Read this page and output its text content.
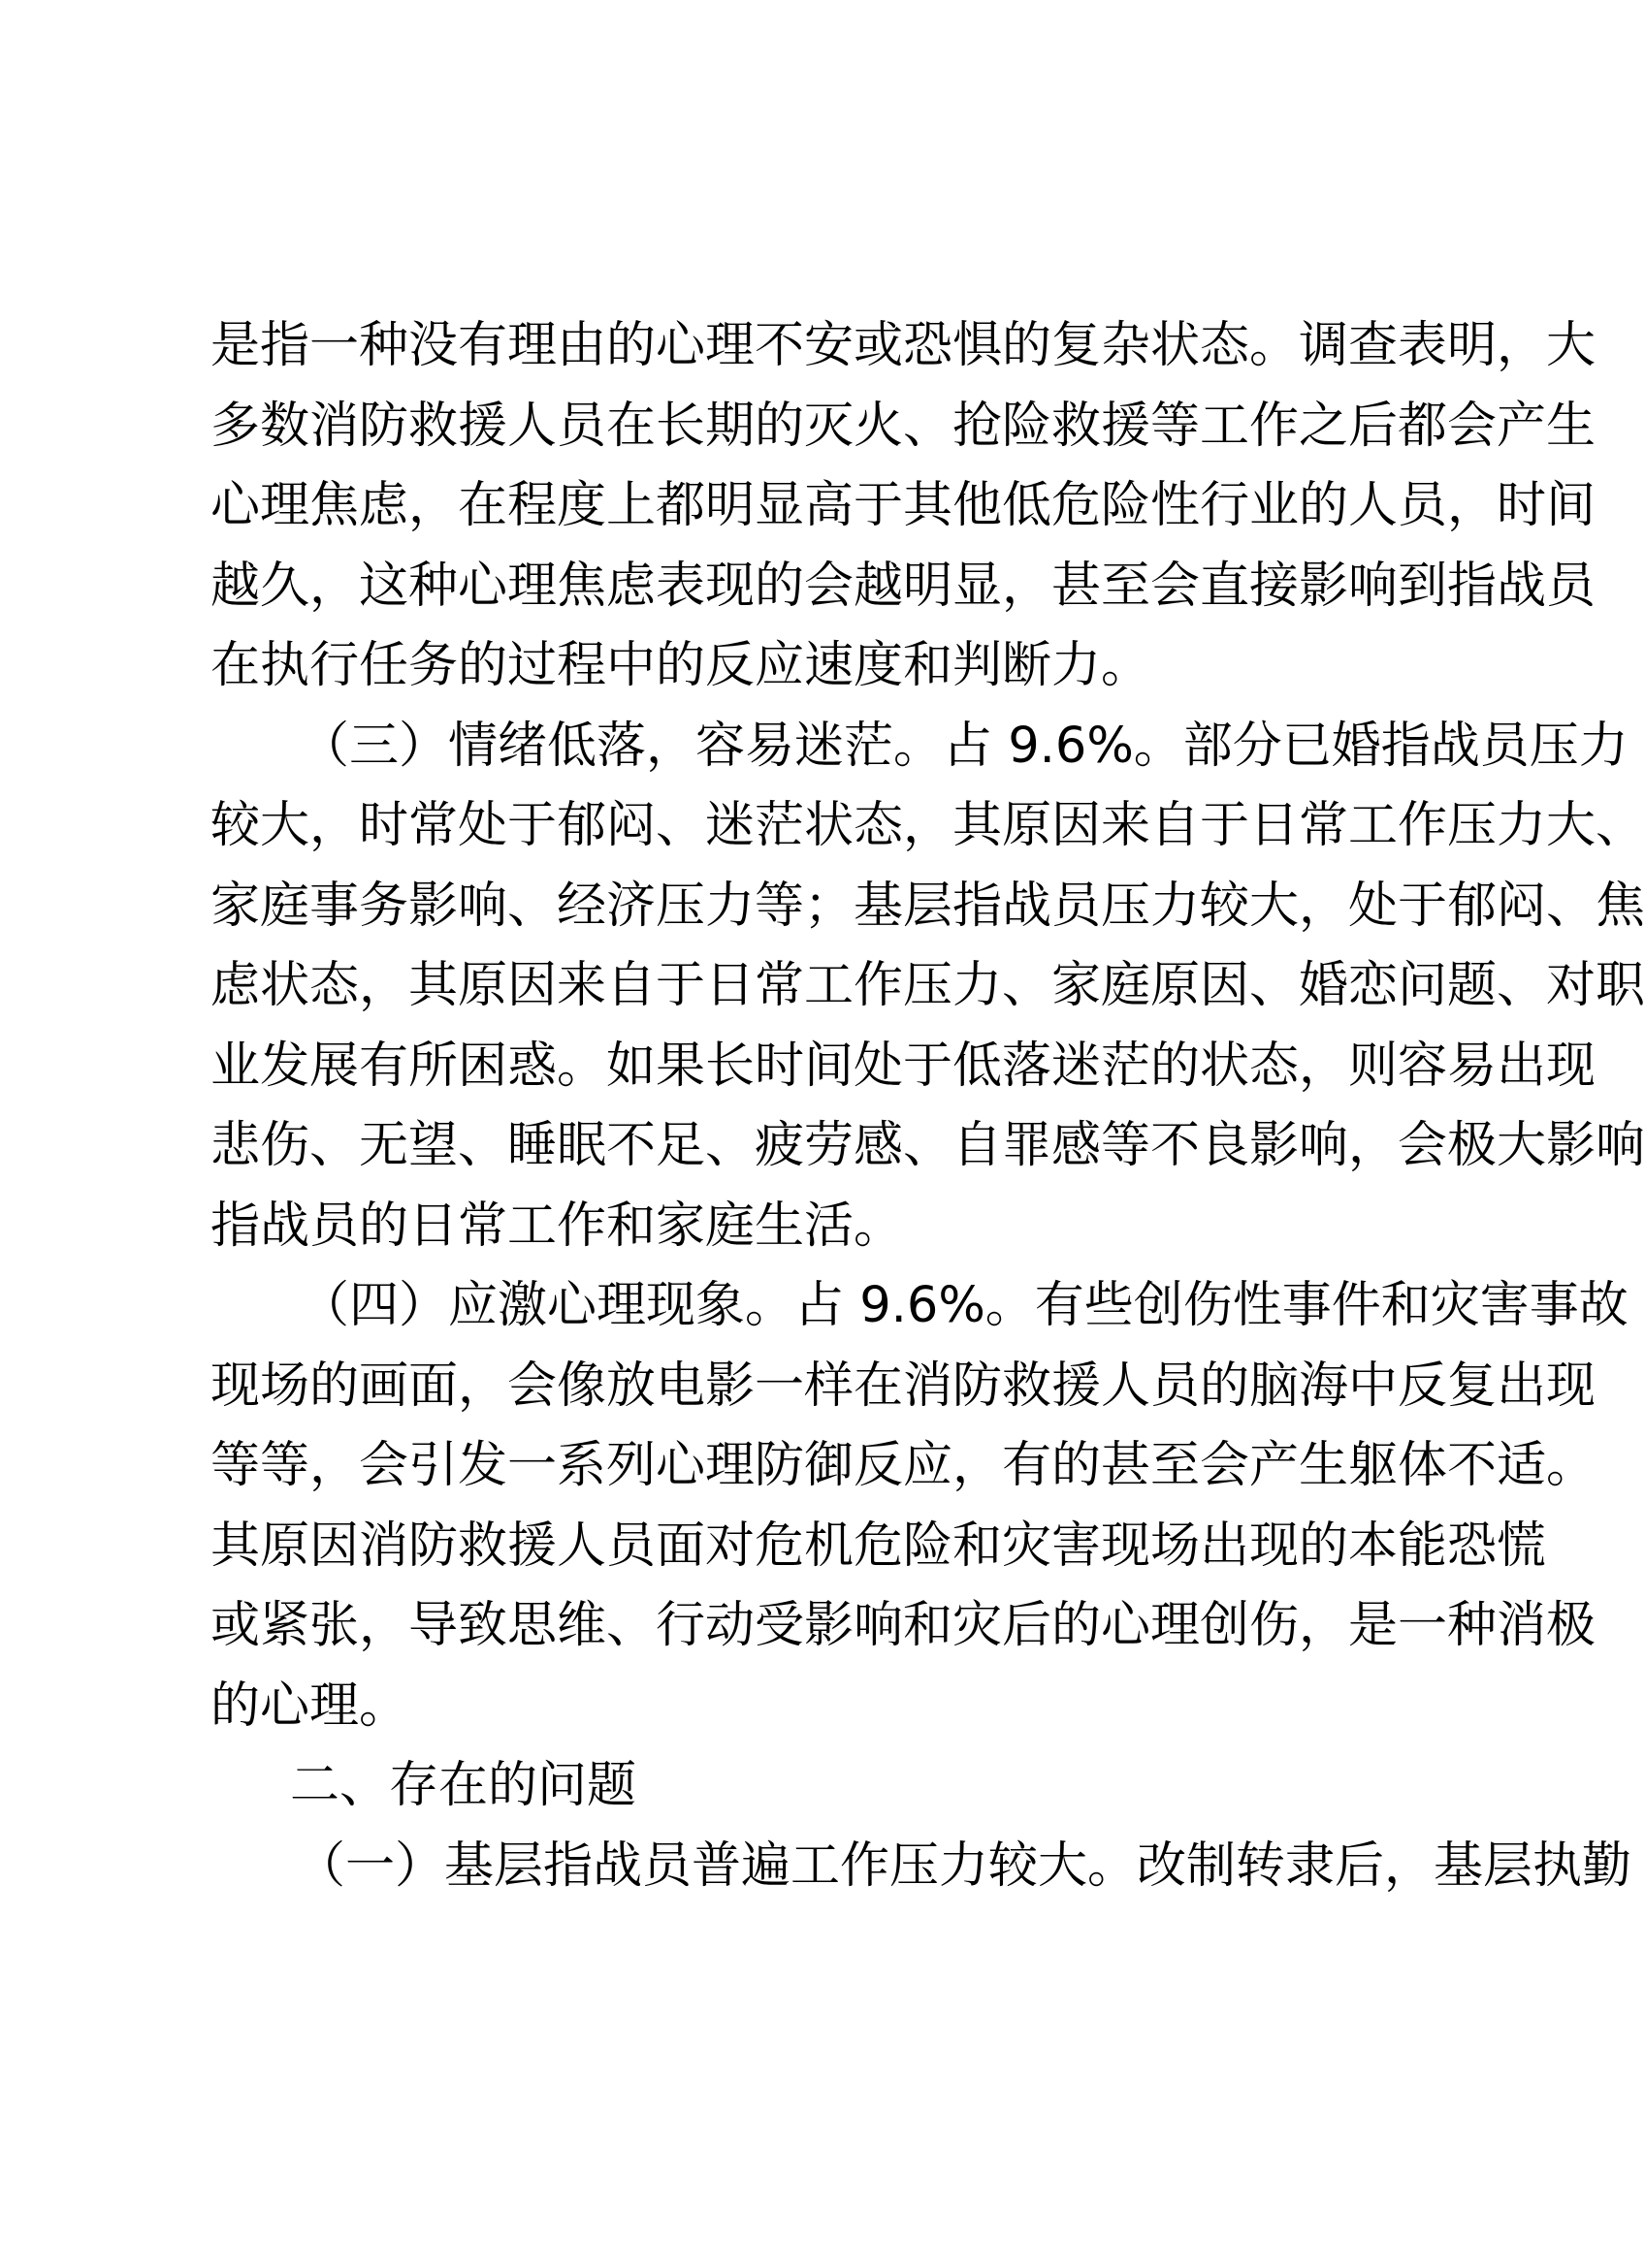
是指一种没有理由的心理不安或恐惧的复杂状态。调查表明，大
多数消防救援人员在长期的灭火、抢险救援等工作之后都会产生
心理焦虑，在程度上都明显高于其他低危险性行业的人员，时间
越久，这种心理焦虑表现的会越明显，甚至会直接影响到指战员
在执行任务的过程中的反应速度和判断力。
（三）情绪低落，容易迷茫。占 9.6%。部分已婚指战员压力
较大，时常处于郁闷、迷茫状态，其原因来自于日常工作压力大、
家庭事务影响、经济压力等；基层指战员压力较大，处于郁闷、焦
虑状态，其原因来自于日常工作压力、家庭原因、婚恋问题、对职
业发展有所困惑。如果长时间处于低落迷茫的状态，则容易出现
悲伤、无望、睡眠不足、疲劳感、自罪感等不良影响，会极大影响
指战员的日常工作和家庭生活。
（四）应激心理现象。占 9.6%。有些创伤性事件和灾害事故
现场的画面，会像放电影一样在消防救援人员的脑海中反复出现
等等，会引发一系列心理防御反应，有的甚至会产生躯体不适。
其原因消防救援人员面对危机危险和灾害现场出现的本能恐慌
或紧张，导致思维、行动受影响和灾后的心理创伤，是一种消极
的心理。
二、存在的问题
（一）基层指战员普遍工作压力较大。改制转隶后，基层执勤
